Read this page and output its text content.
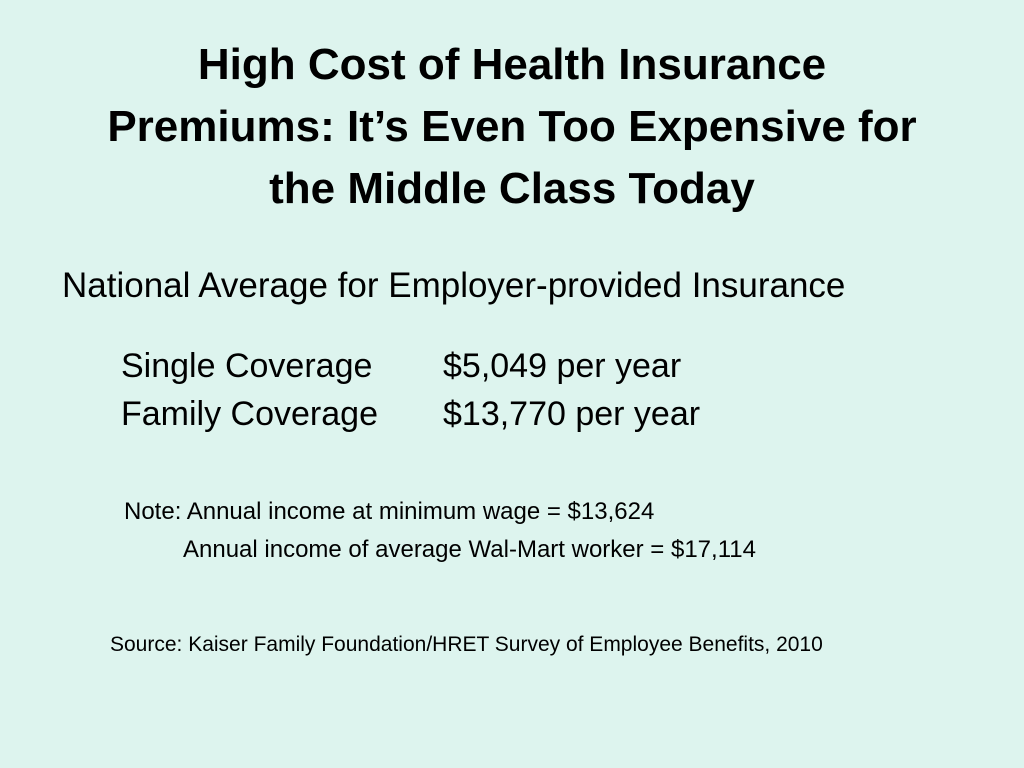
High Cost of Health Insurance
Premiums: It’s Even Too Expensive for
the Middle Class Today
National Average for Employer-provided Insurance
Single Coverage	$5,049 per year
Family Coverage	$13,770 per year
Note: Annual income at minimum wage = $13,624
Annual income of average Wal-Mart worker = $17,114
Source: Kaiser Family Foundation/HRET Survey of Employee Benefits, 2010
